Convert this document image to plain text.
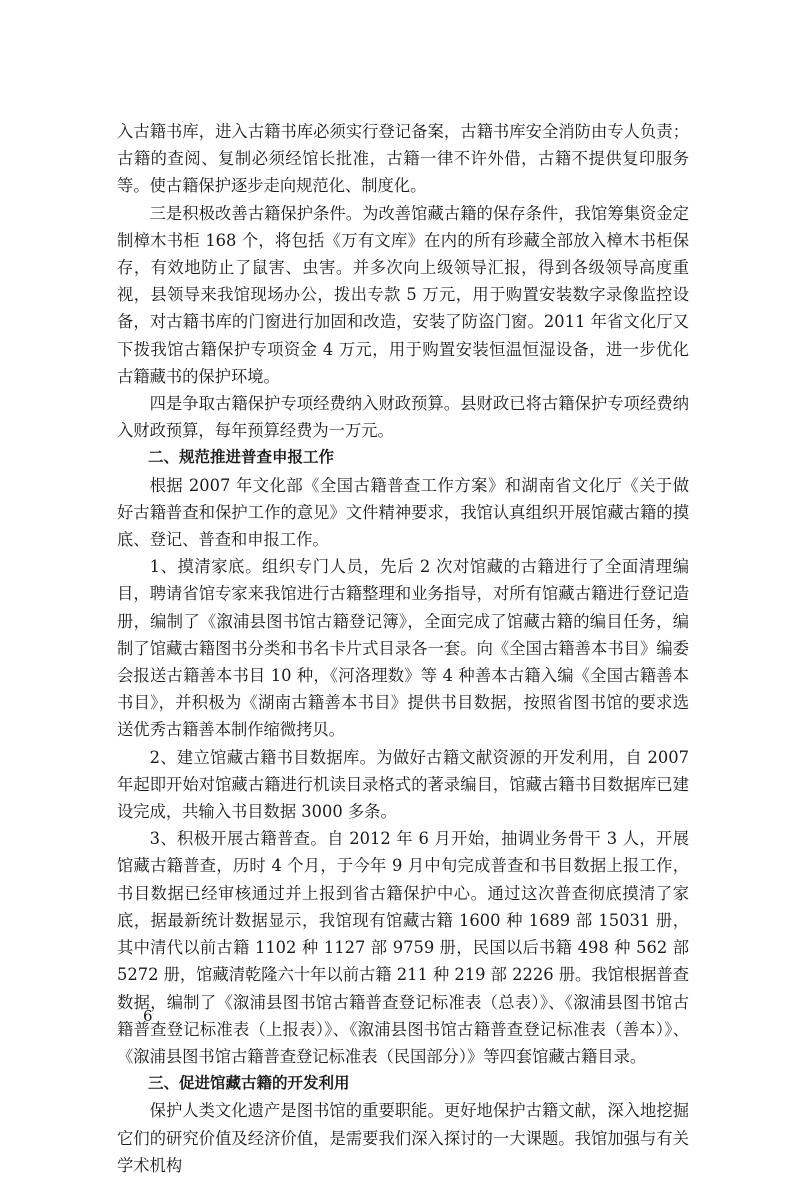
入古籍书库，进入古籍书库必须实行登记备案，古籍书库安全消防由专人负责；古籍的查阅、复制必须经馆长批准，古籍一律不许外借，古籍不提供复印服务等。使古籍保护逐步走向规范化、制度化。

三是积极改善古籍保护条件。为改善馆藏古籍的保存条件，我馆筹集资金定制樟木书柜 168 个，将包括《万有文库》在内的所有珍藏全部放入樟木书柜保存，有效地防止了鼠害、虫害。并多次向上级领导汇报，得到各级领导高度重视，县领导来我馆现场办公，拨出专款 5 万元，用于购置安装数字录像监控设备，对古籍书库的门窗进行加固和改造，安装了防盗门窗。2011 年省文化厅又下拨我馆古籍保护专项资金 4 万元，用于购置安装恒温恒湿设备，进一步优化古籍藏书的保护环境。

四是争取古籍保护专项经费纳入财政预算。县财政已将古籍保护专项经费纳入财政预算，每年预算经费为一万元。

二、规范推进普查申报工作

根据 2007 年文化部《全国古籍普查工作方案》和湖南省文化厅《关于做好古籍普查和保护工作的意见》文件精神要求，我馆认真组织开展馆藏古籍的摸底、登记、普查和申报工作。

1、摸清家底。组织专门人员，先后 2 次对馆藏的古籍进行了全面清理编目，聘请省馆专家来我馆进行古籍整理和业务指导，对所有馆藏古籍进行登记造册，编制了《溆浦县图书馆古籍登记簿》，全面完成了馆藏古籍的编目任务，编制了馆藏古籍图书分类和书名卡片式目录各一套。向《全国古籍善本书目》编委会报送古籍善本书目 10 种，《河洛理数》等 4 种善本古籍入编《全国古籍善本书目》，并积极为《湖南古籍善本书目》提供书目数据，按照省图书馆的要求选送优秀古籍善本制作缩微拷贝。

2、建立馆藏古籍书目数据库。为做好古籍文献资源的开发利用，自 2007 年起即开始对馆藏古籍进行机读目录格式的著录编目，馆藏古籍书目数据库已建设完成，共输入书目数据 3000 多条。

3、积极开展古籍普查。自 2012 年 6 月开始，抽调业务骨干 3 人，开展馆藏古籍普查，历时 4 个月，于今年 9 月中旬完成普查和书目数据上报工作，书目数据已经审核通过并上报到省古籍保护中心。通过这次普查彻底摸清了家底，据最新统计数据显示，我馆现有馆藏古籍 1600 种 1689 部 15031 册，其中清代以前古籍 1102 种 1127 部 9759 册，民国以后书籍 498 种 562 部 5272 册，馆藏清乾隆六十年以前古籍 211 种 219 部 2226 册。我馆根据普查数据，编制了《溆浦县图书馆古籍普查登记标准表（总表）》、《溆浦县图书馆古籍普查登记标准表（上报表）》、《溆浦县图书馆古籍普查登记标准表（善本）》、《溆浦县图书馆古籍普查登记标准表（民国部分）》等四套馆藏古籍目录。

三、促进馆藏古籍的开发利用

保护人类文化遗产是图书馆的重要职能。更好地保护古籍文献，深入地挖掘它们的研究价值及经济价值，是需要我们深入探讨的一大课题。我馆加强与有关学术机构

6
